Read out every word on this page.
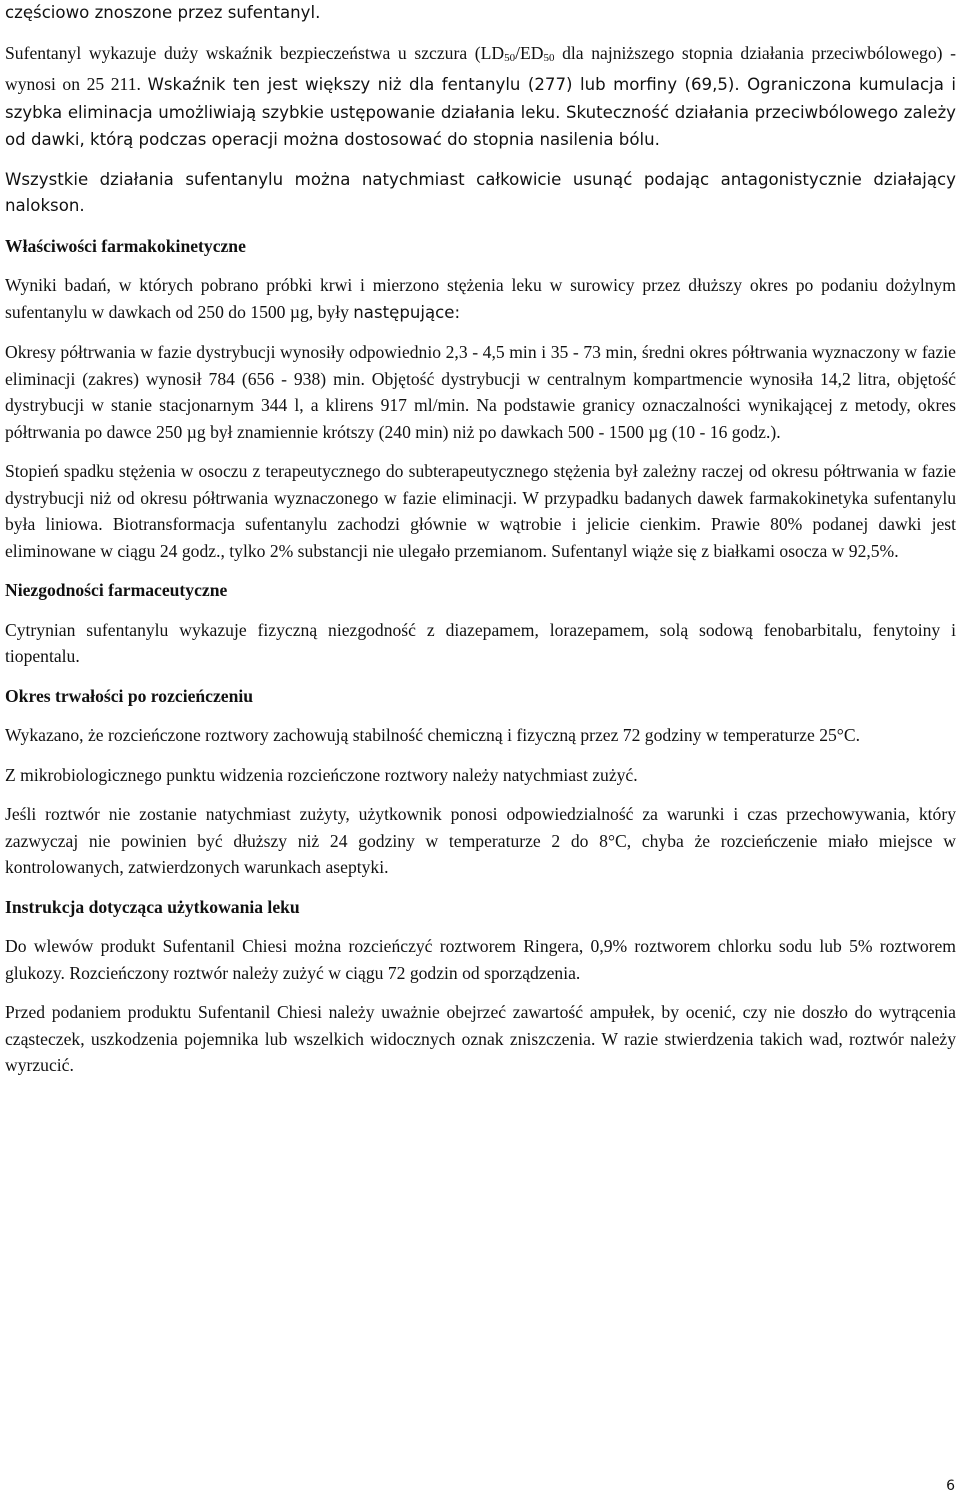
częściowo znoszone przez sufentanyl.

Sufentanyl wykazuje duży wskaźnik bezpieczeństwa u szczura (LD50/ED50 dla najniższego stopnia działania przeciwbólowego) - wynosi on 25 211. Wskaźnik ten jest większy niż dla fentanylu (277) lub morfiny (69,5). Ograniczona kumulacja i szybka eliminacja umożliwiają szybkie ustępowanie działania leku. Skuteczność działania przeciwbólowego zależy od dawki, którą podczas operacji można dostosować do stopnia nasilenia bólu.

Wszystkie działania sufentanylu można natychmiast całkowicie usunąć podając antagonistycznie działający nalokson.

Właściwości farmakokinetyczne

Wyniki badań, w których pobrano próbki krwi i mierzono stężenia leku w surowicy przez dłuższy okres po podaniu dożylnym sufentanylu w dawkach od 250 do 1500 µg, były następujące:

Okresy półtrwania w fazie dystrybucji wynosiły odpowiednio 2,3 - 4,5 min i 35 - 73 min, średni okres półtrwania wyznaczony w fazie eliminacji (zakres) wynosił 784 (656 - 938) min. Objętość dystrybucji w centralnym kompartmencie wynosiła 14,2 litra, objętość dystrybucji w stanie stacjonarnym 344 l, a klirens 917 ml/min. Na podstawie granicy oznaczalności wynikającej z metody, okres półtrwania po dawce 250 µg był znamiennie krótszy (240 min) niż po dawkach 500 - 1500 µg (10 - 16 godz.).

Stopień spadku stężenia w osoczu z terapeutycznego do subterapeutycznego stężenia był zależny raczej od okresu półtrwania w fazie dystrybucji niż od okresu półtrwania wyznaczonego w fazie eliminacji. W przypadku badanych dawek farmakokinetyka sufentanylu była liniowa. Biotransformacja sufentanylu zachodzi głównie w wątrobie i jelicie cienkim. Prawie 80% podanej dawki jest eliminowane w ciągu 24 godz., tylko 2% substancji nie ulegało przemianom. Sufentanyl wiąże się z białkami osocza w 92,5%.

Niezgodności farmaceutyczne

Cytrynian sufentanylu wykazuje fizyczną niezgodność z diazepamem, lorazepamem, solą sodową fenobarbitalu, fenytoiny i tiopentalu.

Okres trwałości po rozcieńczeniu

Wykazano, że rozcieńczone roztwory zachowują stabilność chemiczną i fizyczną przez 72 godziny w temperaturze 25°C.

Z mikrobiologicznego punktu widzenia rozcieńczone roztwory należy natychmiast zużyć.

Jeśli roztwór nie zostanie natychmiast zużyty, użytkownik ponosi odpowiedzialność za warunki i czas przechowywania, który zazwyczaj nie powinien być dłuższy niż 24 godziny w temperaturze 2 do 8°C, chyba że rozcieńczenie miało miejsce w kontrolowanych, zatwierdzonych warunkach aseptyki.

Instrukcja dotycząca użytkowania leku

Do wlewów produkt Sufentanil Chiesi można rozcieńczyć roztworem Ringera, 0,9% roztworem chlorku sodu lub 5% roztworem glukozy. Rozcieńczony roztwór należy zużyć w ciągu 72 godzin od sporządzenia.

Przed podaniem produktu Sufentanil Chiesi należy uważnie obejrzeć zawartość ampułek, by ocenić, czy nie doszło do wytrącenia cząsteczek, uszkodzenia pojemnika lub wszelkich widocznych oznak zniszczenia. W razie stwierdzenia takich wad, roztwór należy wyrzucić.

6
